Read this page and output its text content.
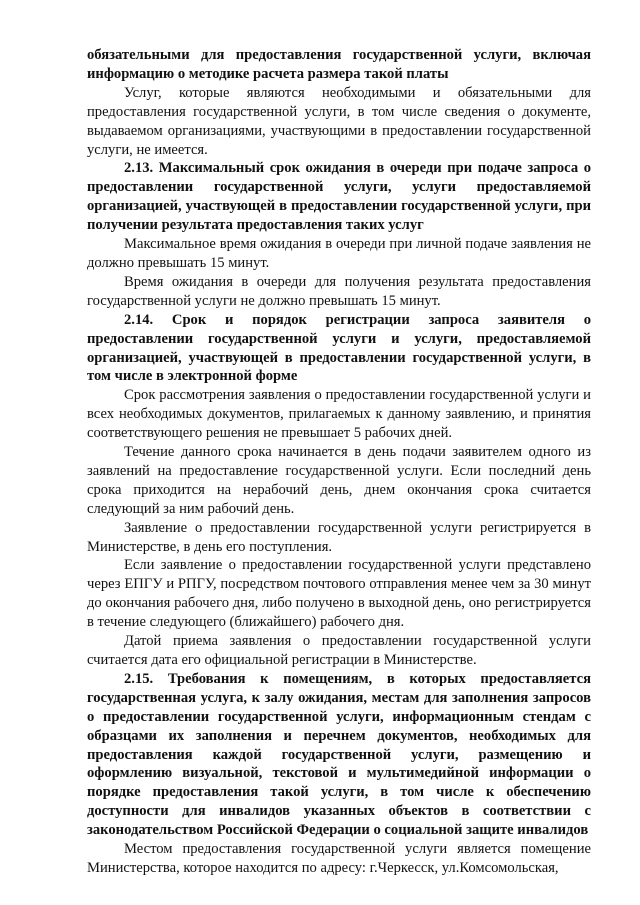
обязательными для предоставления государственной услуги, включая информацию о методике расчета размера такой платы

Услуг, которые являются необходимыми и обязательными для предоставления государственной услуги, в том числе сведения о документе, выдаваемом организациями, участвующими в предоставлении государственной услуги, не имеется.

2.13. Максимальный срок ожидания в очереди при подаче запроса о предоставлении государственной услуги, услуги предоставляемой организацией, участвующей в предоставлении государственной услуги, при получении результата предоставления таких услуг

Максимальное время ожидания в очереди при личной подаче заявления не должно превышать 15 минут.

Время ожидания в очереди для получения результата предоставления государственной услуги не должно превышать 15 минут.

2.14. Срок и порядок регистрации запроса заявителя о предоставлении государственной услуги и услуги, предоставляемой организацией, участвующей в предоставлении государственной услуги, в том числе в электронной форме

Срок рассмотрения заявления о предоставлении государственной услуги и всех необходимых документов, прилагаемых к данному заявлению, и принятия соответствующего решения не превышает 5 рабочих дней.

Течение данного срока начинается в день подачи заявителем одного из заявлений на предоставление государственной услуги. Если последний день срока приходится на нерабочий день, днем окончания срока считается следующий за ним рабочий день.

Заявление о предоставлении государственной услуги регистрируется в Министерстве, в день его поступления.

Если заявление о предоставлении государственной услуги представлено через ЕПГУ и РПГУ, посредством почтового отправления менее чем за 30 минут до окончания рабочего дня, либо получено в выходной день, оно регистрируется в течение следующего (ближайшего) рабочего дня.

Датой приема заявления о предоставлении государственной услуги считается дата его официальной регистрации в Министерстве.

2.15. Требования к помещениям, в которых предоставляется государственная услуга, к залу ожидания, местам для заполнения запросов о предоставлении государственной услуги, информационным стендам с образцами их заполнения и перечнем документов, необходимых для предоставления каждой государственной услуги, размещению и оформлению визуальной, текстовой и мультимедийной информации о порядке предоставления такой услуги, в том числе к обеспечению доступности для инвалидов указанных объектов в соответствии с законодательством Российской Федерации о социальной защите инвалидов

Местом предоставления государственной услуги является помещение Министерства, которое находится по адресу: г.Черкесск, ул.Комсомольская,
